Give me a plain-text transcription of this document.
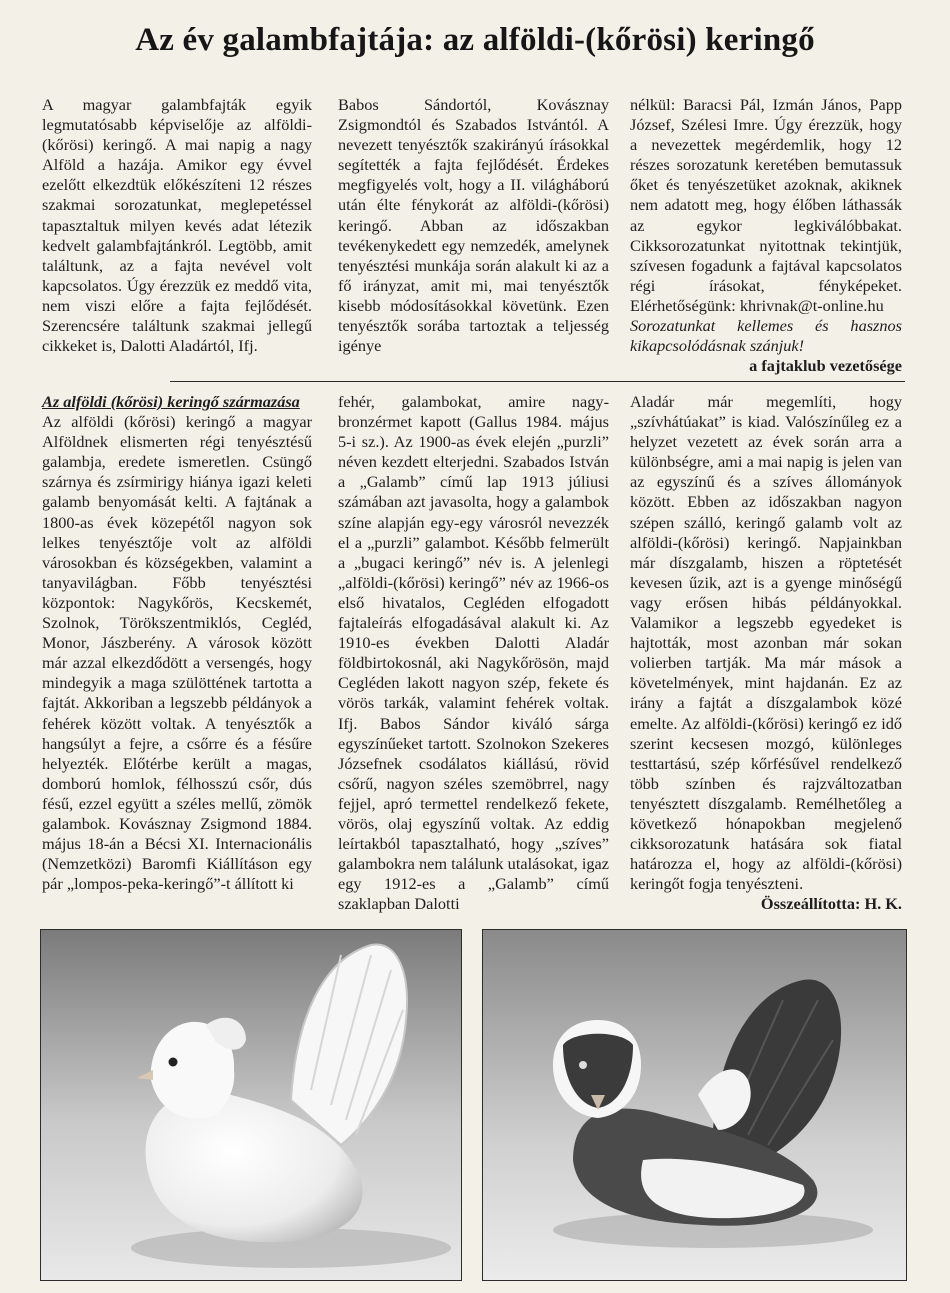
Az év galambfajtája: az alföldi-(kőrösi) keringő

A magyar galambfajták egyik legmutatósabb képviselője az alföldi-(kőrösi) keringő. A mai napig a nagy Alföld a hazája. Amikor egy évvel ezelőtt elkezdtük előkészíteni 12 részes szakmai sorozatunkat, meglepetéssel tapasztaltuk milyen kevés adat létezik kedvelt galambfajtánkról. Legtöbb, amit találtunk, az a fajta nevével volt kapcsolatos. Úgy érezzük ez meddő vita, nem viszi előre a fajta fejlődését. Szerencsére találtunk szakmai jellegű cikkeket is, Dalotti Aladártól, Ifj.

Babos Sándortól, Kovásznay Zsigmondtól és Szabados Istvántól. A nevezett tenyésztők szakirányú írásokkal segítették a fajta fejlődését. Érdekes megfigyelés volt, hogy a II. világháború után élte fénykorát az alföldi-(kőrösi) keringő. Abban az időszakban tevékenykedett egy nemzedék, amelynek tenyésztési munkája során alakult ki az a fő irányzat, amit mi, mai tenyésztők kisebb módosításokkal követünk. Ezen tenyésztők sorába tartoztak a teljesség igénye

nélkül: Baracsi Pál, Izmán János, Papp József, Szélesi Imre. Úgy érezzük, hogy a nevezettek megérdemlik, hogy 12 részes sorozatunk keretében bemutassuk őket és tenyészetüket azoknak, akiknek nem adatott meg, hogy élőben láthassák az egykor legkiválóbbakat. Cikksorozatunkat nyitottnak tekintjük, szívesen fogadunk a fajtával kapcsolatos régi írásokat, fényképeket. Elérhetőségünk: khrivnak@t-online.hu

Sorozatunkat kellemes és hasznos kikapcsolódásnak szánjuk!
a fajtaklub vezetősége

Az alföldi (kőrösi) keringő származása

Az alföldi (kőrösi) keringő a magyar Alföldnek elismerten régi tenyésztésű galambja, eredete ismeretlen. Csüngő szárnya és zsírmirigy hiánya igazi keleti galamb benyomását kelti. A fajtának a 1800-as évek közepétől nagyon sok lelkes tenyésztője volt az alföldi városokban és községekben, valamint a tanyavilágban. Főbb tenyésztési központok: Nagykőrös, Kecskemét, Szolnok, Törökszentmiklós, Cegléd, Monor, Jászberény. A városok között már azzal elkezdődött a versengés, hogy mindegyik a maga szülöttének tartotta a fajtát. Akkoriban a legszebb példányok a fehérek között voltak. A tenyésztők a hangsúlyt a fejre, a csőrre és a fésűre helyezték. Előtérbe került a magas, domború homlok, félhosszú csőr, dús fésű, ezzel együtt a széles mellű, zömök galambok. Kovásznay Zsigmond 1884. május 18-án a Bécsi XI. Internacionális (Nemzetközi) Baromfi Kiállításon egy pár „lompos-peka-keringő”-t állított ki

fehér, galambokat, amire nagy-bronzérmet kapott (Gallus 1984. május 5-i sz.). Az 1900-as évek elején „purzli” néven kezdett elterjedni. Szabados István a „Galamb” című lap 1913 júliusi számában azt javasolta, hogy a galambok színe alapján egy-egy városról nevezzék el a „purzli” galambot. Később felmerült a „bugaci keringő” név is. A jelenlegi „alföldi-(kőrösi) keringő” név az 1966-os első hivatalos, Cegléden elfogadott fajtaleírás elfogadásával alakult ki. Az 1910-es években Dalotti Aladár földbirtokosnál, aki Nagykőrösön, majd Cegléden lakott nagyon szép, fekete és vörös tarkák, valamint fehérek voltak. Ifj. Babos Sándor kiváló sárga egyszínűeket tartott. Szolnokon Szekeres Józsefnek csodálatos kiállású, rövid csőrű, nagyon széles szemöbrrel, nagy fejjel, apró termettel rendelkező fekete, vörös, olaj egyszínű voltak. Az eddig leírtakból tapasztalható, hogy „szíves” galambokra nem találunk utalásokat, igaz egy 1912-es a „Galamb” című szaklapban Dalotti

Aladár már megemlíti, hogy „szívhátúakat” is kiad. Valószínűleg ez a helyzet vezetett az évek során arra a különbségre, ami a mai napig is jelen van az egyszínű és a szíves állományok között. Ebben az időszakban nagyon szépen szálló, keringő galamb volt az alföldi-(kőrösi) keringő. Napjainkban már díszgalamb, hiszen a röptetését kevesen űzik, azt is a gyenge minőségű vagy erősen hibás példányokkal. Valamikor a legszebb egyedeket is hajtották, most azonban már sokan volierben tartják. Ma már mások a követelmények, mint hajdanán. Ez az irány a fajtát a díszgalambok közé emelte. Az alföldi-(kőrösi) keringő ez idő szerint kecsesen mozgó, különleges testtartású, szép kőrfésűvel rendelkező több színben és rajzváltozatban tenyésztett díszgalamb. Remélhetőleg a következő hónapokban megjelenő cikksorozatunk hatására sok fiatal határozza el, hogy az alföldi-(kőrösi) keringőt fogja tenyészteni.
Összeállította: H. K.
